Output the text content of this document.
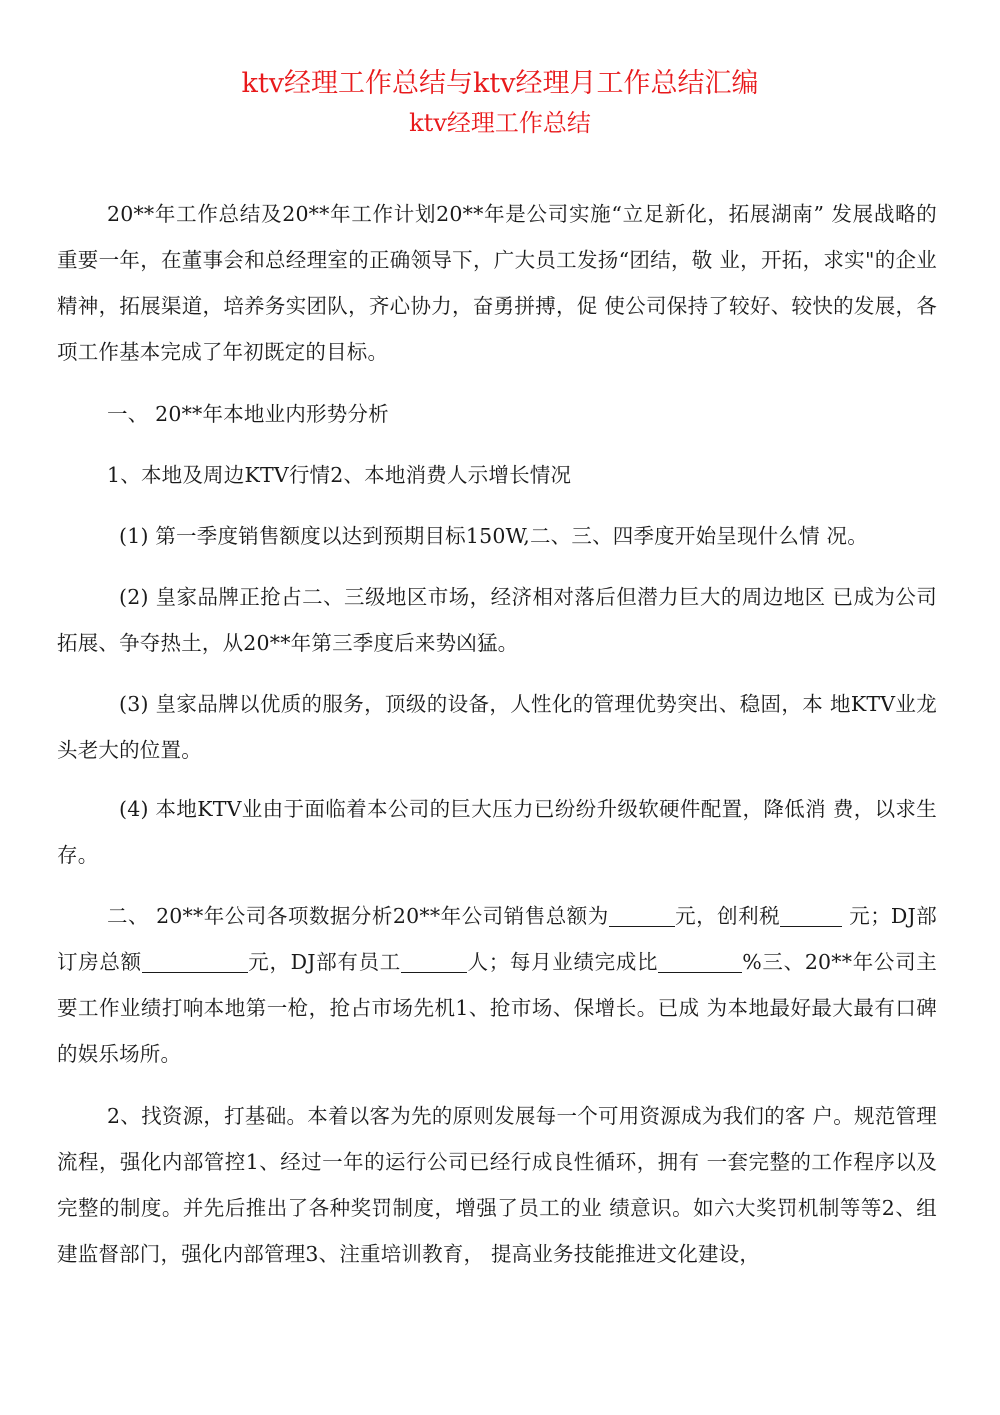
ktv经理工作总结与ktv经理月工作总结汇编
ktv经理工作总结

20**年工作总结及20**年工作计划20**年是公司实施“立足新化，拓展湖南” 发展战略的重要一年，在董事会和总经理室的正确领导下，广大员工发扬“团结，敬 业，开拓，求实"的企业精神，拓展渠道，培养务实团队，齐心协力，奋勇拼搏，促 使公司保持了较好、较快的发展，各项工作基本完成了年初既定的目标。

一、 20**年本地业内形势分析

1、本地及周边KTV行情2、本地消费人示增长情况

(1) 第一季度销售额度以达到预期目标150W,二、三、四季度开始呈现什么情 况。

(2) 皇家品牌正抢占二、三级地区市场，经济相对落后但潜力巨大的周边地区 已成为公司拓展、争夺热土，从20**年第三季度后来势凶猛。

(3) 皇家品牌以优质的服务，顶级的设备，人性化的管理优势突出、稳固，本 地KTV业龙头老大的位置。

(4) 本地KTV业由于面临着本公司的巨大压力已纷纷升级软硬件配置，降低消 费，以求生存。

二、 20**年公司各项数据分析20**年公司销售总额为	元，创利税	元；DJ部订房总额	元，DJ部有员工	人；每月业绩完成比	%三、20**年公司主要工作业绩打响本地第一枪，抢占市场先机1、抢市场、保增长。已成 为本地最好最大最有口碑的娱乐场所。

2、找资源，打基础。本着以客为先的原则发展每一个可用资源成为我们的客 户。规范管理流程，强化内部管控1、经过一年的运行公司已经行成良性循环，拥有 一套完整的工作程序以及完整的制度。并先后推出了各种奖罚制度，增强了员工的业 绩意识。如六大奖罚机制等等2、组建监督部门，强化内部管理3、注重培训教育， 提高业务技能推进文化建设，
